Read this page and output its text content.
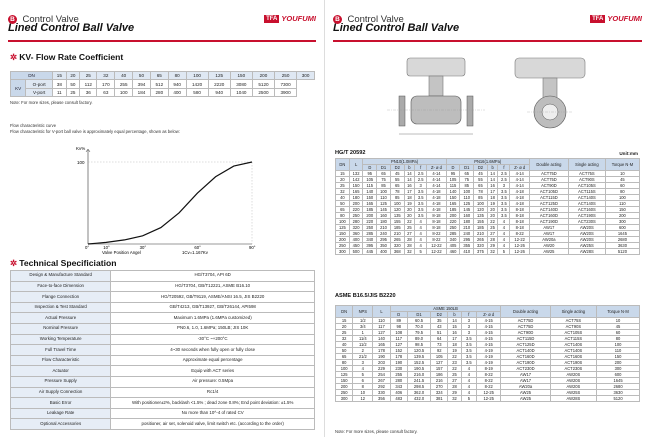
B Control Valve
Lined Control Ball Valve
TFA YOUFUMI
✲ KV- Flow Rate Coefficient
DN		15	20	25	32	40	50	65	80	100	125	150	200	250	300
KV	O-port	38	50	112	170	255	394	512	940	1420	2220	3080	5120	7300	
	V-port	11	25	36	63	100	184	280	400	580	940	1040	2500	3900	
Note: For more sizes, please consult factory.
Flow characteristic curve
Flow characteristic for V-port ball valve is approximately equal percentage, shown as below:
Kv%
100
0°	10°	30°	60°	90°
Valve Position Angel	1Cv=1.167Kv
✲ Technical Specificiation
Design & Manufacture Standard	HG/T3704, API 6D
Face-to-face Dimension	HG/T3704, GB/T12221, ASME B16.10
Flange Connection	HG/T20592, GB/T9119, ASME/ANSI 16.5, JIS B2220
Inspection & Test Standard	GB/T4213, GB/T13927, GB/T26144, API598
Actual Pressure	Maximum 1.6MPa (1.6MPa customized)
Nominal Pressure	PN0.6, 1.0, 1.6MPa; 150LB; JIS 10K
Working Temperature	-30°C ~+200°C
Full Travel Time	4~30 seconds when fully open or fully close
Flow Characteristic	Approximate equal percentage
Actuator	Equip with ACT series
Pressure Supply	Air pressure: 0.5Mpa
Air Supply Connection	Rc1/4
Basic Error	With positioner±2%, backlash <1.5% ; dead zone 0.8%; End point deviation: ±1.5%
Leakage Rate	No more than 10^-4 of rated CV
Optional Accessories	positioner, air set, solenoid valve, limit switch etc. (according to the order)
B Control Valve
Lined Control Ball Valve
TFA YOUFUMI
HG/T 20592	Unit:mm
DN	L	PN10(1.0MPa)						PN16(1.6MPa)						Double acting	Single acting	Torque N·M
		D	D1	D2	b	f	Z- ø d	D	D1	D2	b	f	Z- ø d			
15	132	95	65	45	14	2.5	4-14	95	65	45	14	2.5	4-14	ACT75D	ACT75S	10
20	142	105	75	55	14	2.5	4-14	105	75	55	14	2.5	4-14	ACT75D	ACT90S	45
25	150	115	85	65	16	3	4-14	115	85	65	16	3	4-14	ACT90D	ACT105S	60
32	165	140	100	78	17	3.5	4-18	140	100	78	17	3.5	4-18	ACT105D	ACT115S	80
40	180	150	110	85	18	3.5	4-18	150	110	85	18	3.5	4-18	ACT115D	ACT140S	100
50	200	165	125	100	19	3.5	4-18	165	125	100	19	3.5	4-18	ACT125D	ACT140S	110
65	220	185	145	120	20	3.5	4-18	185	145	120	20	3.5	8-18	ACT140D	ACT160S	150
80	250	200	160	135	20	3.5	8-18	200	160	135	20	3.5	8-18	ACT160D	ACT190S	200
100	280	220	180	155	22	4	8-18	220	180	155	22	4	8-18	ACT190D	ACT230S	300
125	320	250	210	185	25	4	8-18	250	210	185	25	4	8-18	AW17	AW20S	600
150	360	285	240	210	27	4	8-22	285	240	210	27	4	8-22	AW17	AW20S	1645
200	400	340	295	265	28	4	8-22	340	295	265	28	4	12-22	AW20a	AW20S	2680
250	450	395	350	320	28	4	12-22	405	355	320	29	4	12-26	AW20	AW25S	3630
300	500	445	400	368	32	5	12-22	460	410	375	32	5	12-26	AW25	AW28S	5120
ASME B16.5/JIS B2220
DN	NPS	L	ASME 150LB						Double acting	Single acting	Torque N·M
			D	D1	D2	b	f	Z- ø d			
15	1/2	110	89	60.5	35	14	3	4-15	ACT75D	ACT75S	10
20	3/4	117	98	70.0	43	15	3	4-15	ACT75D	ACT90S	45
25	1	127	108	79.5	51	16	3	4-15	ACT90D	ACT105S	60
32	11/4	140	117	89.0	64	17	3.5	4-15	ACT115D	ACT115S	80
40	11/2	165	127	98.5	73	18	3.5	4-15	ACT125D	ACT140S	100
50	2	178	152	120.5	92	19	3.5	4-19	ACT140D	ACT140S	110
65	21/2	190	178	139.5	105	22	3.5	4-19	ACT160D	ACT160S	150
80	3	203	190	152.5	127	23	3.5	4-19	ACT190D	ACT190S	200
100	4	229	230	190.5	157	22	4	8-19	ACT230D	ACT230S	300
125	5	254	255	216.0	186	25	4	8-22	AW17	AW20S	600
150	6	267	280	241.5	216	27	4	8-22	AW17	AW20S	1645
200	8	292	343	298.5	270	28	4	8-22	AW20a	AW20S	2680
250	10	330	406	362.0	324	29	4	12-25	AW25	AW25S	3630
300	12	356	483	432.0	381	32	5	12-25	AW25	AW28S	5120
Note: For more sizes, please consult factory.
